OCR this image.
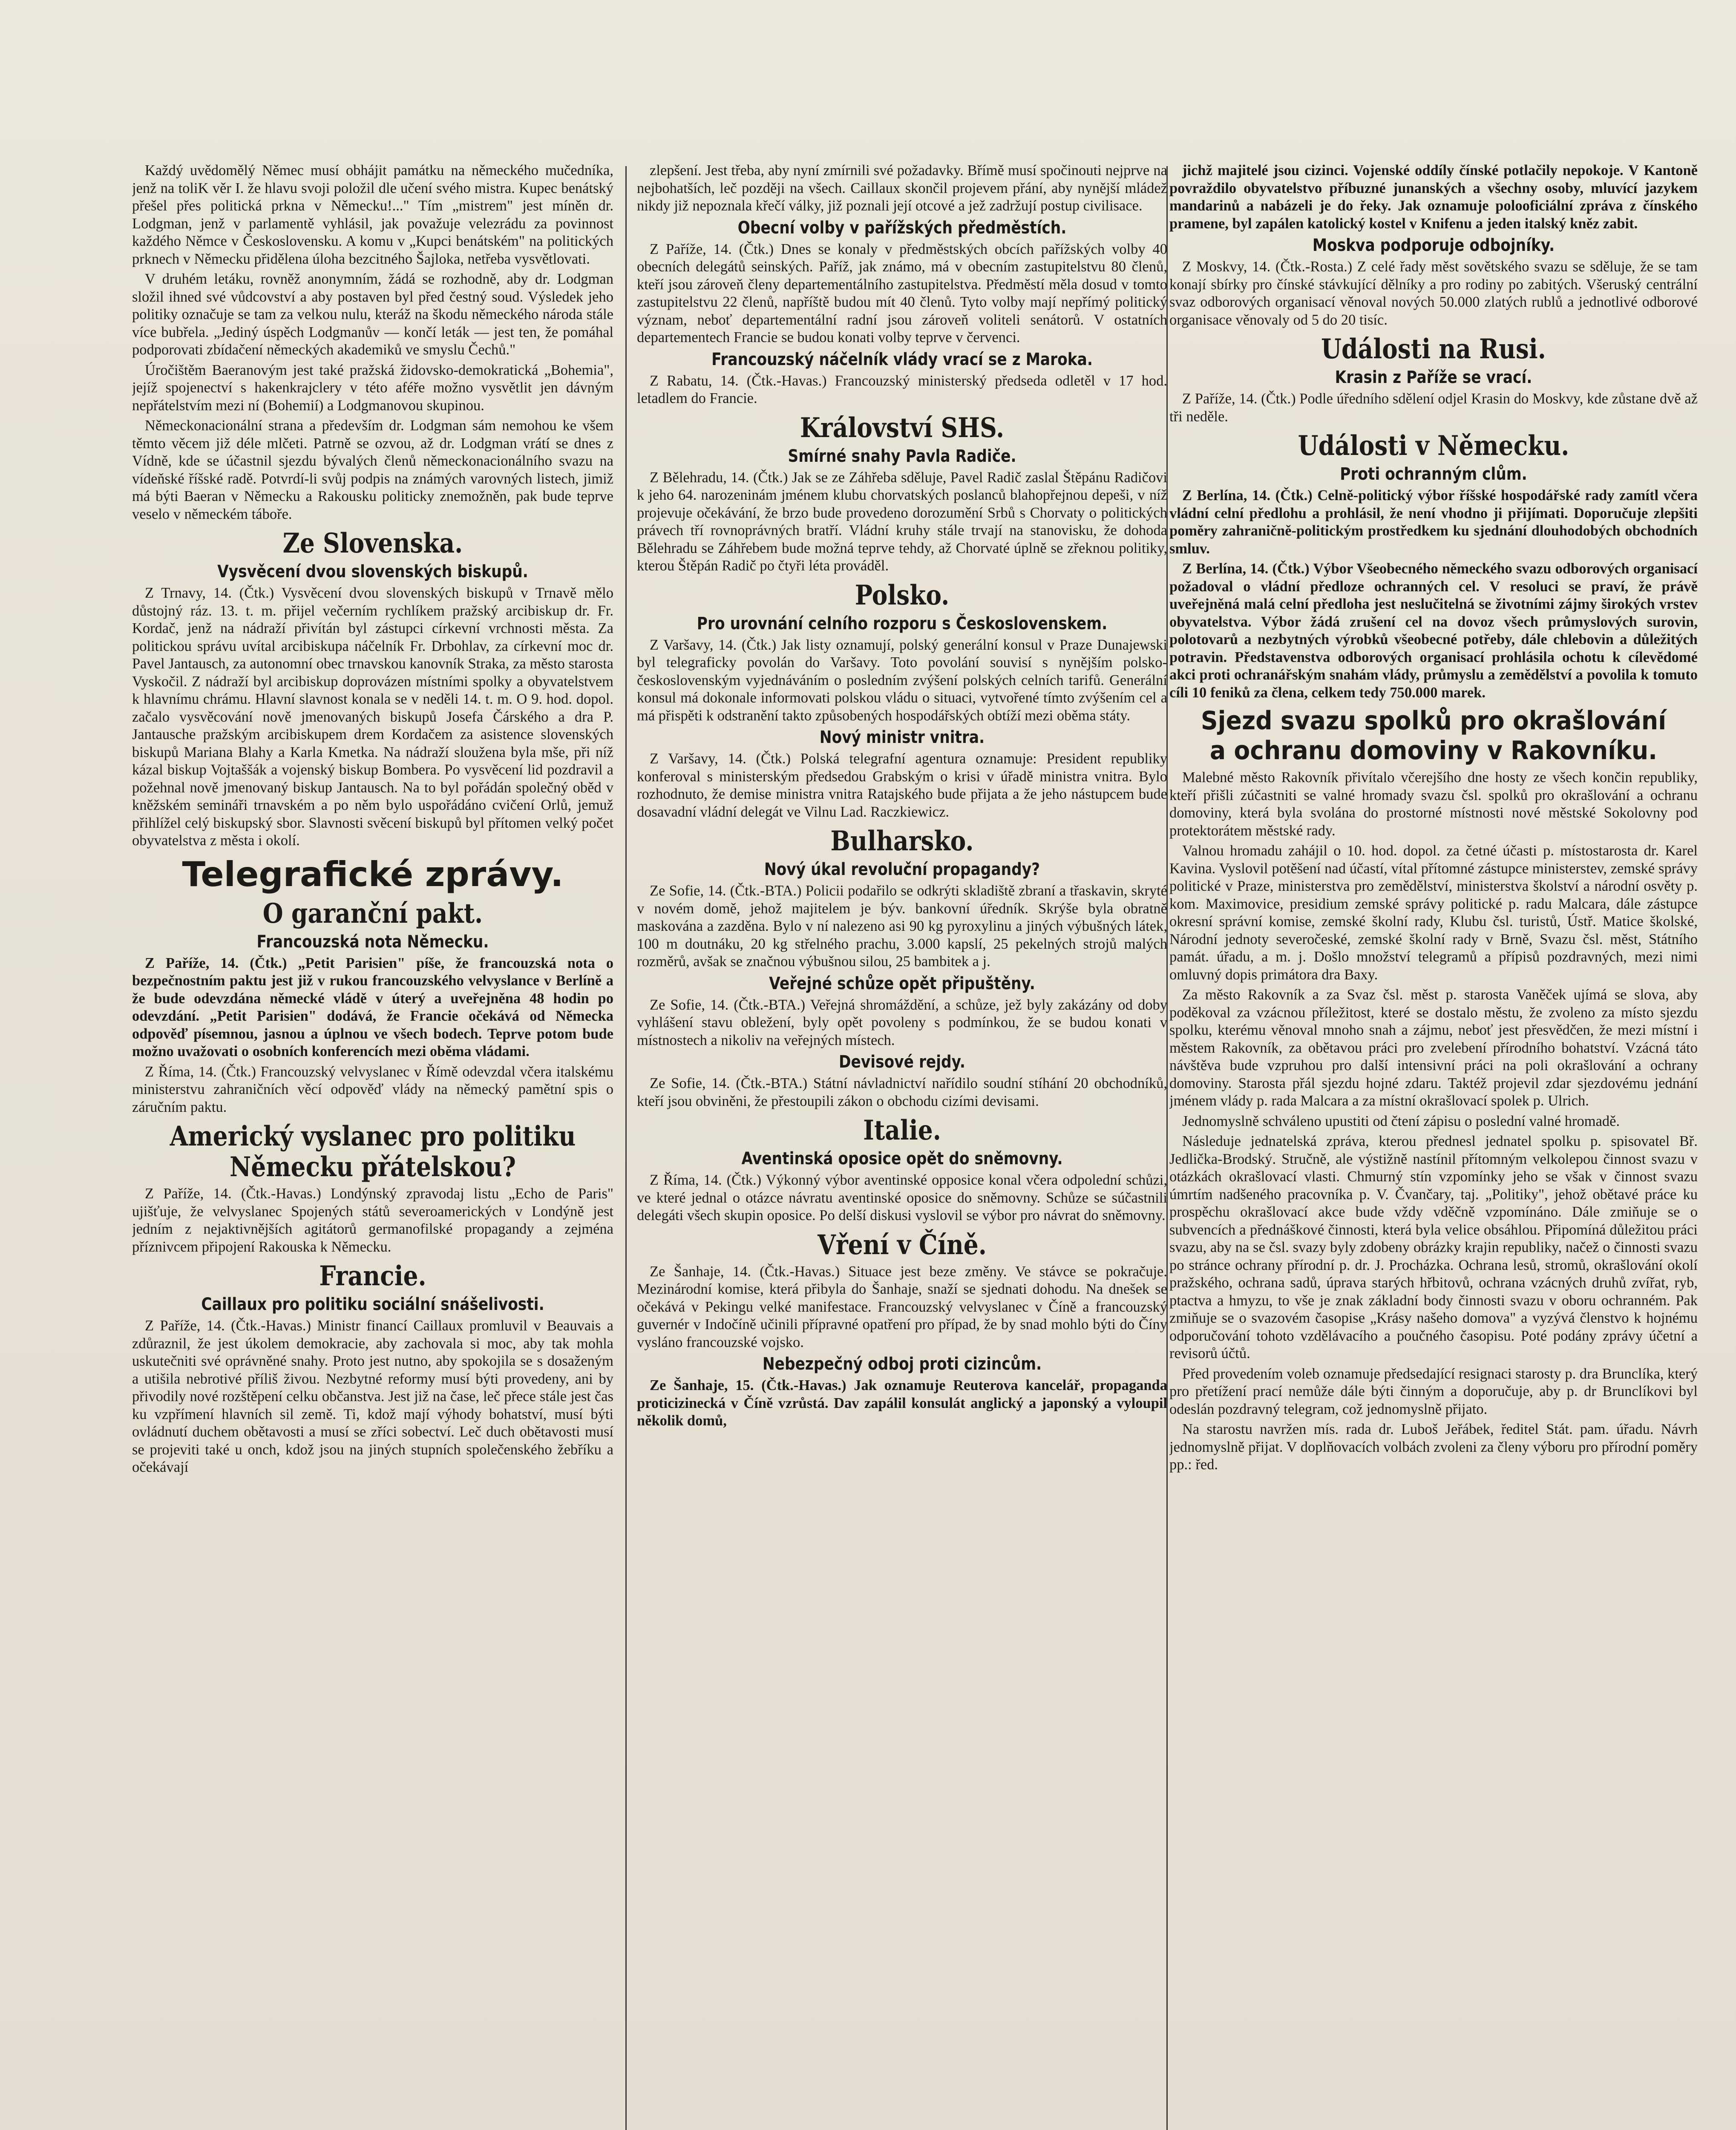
Každý uvědomělý Němec musí obhájit památku na německého mučedníka, jenž na toliK věr I. že hlavu svoji položil dle učení svého mistra. Kupec benátský přešel přes politická prkna v Německu!..." Tím „mistrem" jest míněn dr. Lodgman, jenž v parlamentě vyhlásil, jak považuje velezrádu za povinnost každého Němce v Československu. A komu v „Kupci benátském" na politických prknech v Německu přidělena úloha bezcitného Šajloka, netřeba vysvětlovati.

V druhém letáku, rovněž anonymním, žádá se rozhodně, aby dr. Lodgman složil ihned své vůdcovství a aby postaven byl před čestný soud. Výsledek jeho politiky označuje se tam za velkou nulu, kteráž na škodu německého národa stále více bubřela. „Jediný úspěch Lodgmanův — končí leták — jest ten, že pomáhal podporovati zbídačení německých akademiků ve smyslu Čechů."

Úročištěm Baeranovým jest také pražská židovsko-demokratická „Bohemia", jejíž spojenectví s hakenkrajclery v této aféře možno vysvětlit jen dávným nepřátelstvím mezi ní (Bohemií) a Lodgmanovou skupinou.

Německonacionální strana a především dr. Lodgman sám nemohou ke všem těmto věcem již déle mlčeti. Patrně se ozvou, až dr. Lodgman vrátí se dnes z Vídně, kde se účastnil sjezdu bývalých členů německonacionálního svazu na vídeňské říšské radě. Potvrdí-li svůj podpis na známých varovných listech, jimiž má býti Baeran v Německu a Rakousku politicky znemožněn, pak bude teprve veselo v německém táboře.

Ze Slovenska.
Vysvěcení dvou slovenských biskupů.

Z Trnavy, 14. (Čtk.) Vysvěcení dvou slovenských biskupů v Trnavě mělo důstojný ráz. 13. t. m. přijel večerním rychlíkem pražský arcibiskup dr. Fr. Kordač, jenž na nádraží přivítán byl zástupci církevní vrchnosti města. Za politickou správu uvítal arcibiskupa náčelník Fr. Drbohlav, za církevní moc dr. Pavel Jantausch, za autonomní obec trnavskou kanovník Straka, za město starosta Vyskočil. Z nádraží byl arcibiskup doprovázen místními spolky a obyvatelstvem k hlavnímu chrámu. Hlavní slavnost konala se v neděli 14. t. m. O 9. hod. dopol. začalo vysvěcování nově jmenovaných biskupů Josefa Čárského a dra P. Jantausche pražským arcibiskupem drem Kordačem za asistence slovenských biskupů Mariana Blahy a Karla Kmetka. Na nádraží sloužena byla mše, při níž kázal biskup Vojtaššák a vojenský biskup Bombera. Po vysvěcení lid pozdravil a požehnal nově jmenovaný biskup Jantausch. Na to byl pořádán společný oběd v kněžském semináři trnavském a po něm bylo uspořádáno cvičení Orlů, jemuž přihlížel celý biskupský sbor. Slavnosti svěcení biskupů byl přítomen velký počet obyvatelstva z města i okolí.

Telegrafické zprávy.
O garanční pakt.
Francouzská nota Německu.

Z Paříže, 14. (Čtk.) „Petit Parisien" píše, že francouzská nota o bezpečnostním paktu jest již v rukou francouzského velvyslance v Berlíně a že bude odevzdána německé vládě v úterý a uveřejněna 48 hodin po odevzdání. „Petit Parisien" dodává, že Francie očekává od Německa odpověď písemnou, jasnou a úplnou ve všech bodech. Teprve potom bude možno uvažovati o osobních konferencích mezi oběma vládami.

Z Říma, 14. (Čtk.) Francouzský velvyslanec v Římě odevzdal včera italskému ministerstvu zahraničních věcí odpověď vlády na německý pamětní spis o záručním paktu.

Americký vyslanec pro politiku Německu přátelskou?

Z Paříže, 14. (Čtk.-Havas.) Londýnský zpravodaj listu „Echo de Paris" ujišťuje, že velvyslanec Spojených států severoamerických v Londýně jest jedním z nejaktivnějších agitátorů germanofilské propagandy a zejména příznivcem připojení Rakouska k Německu.

Francie.
Caillaux pro politiku sociální snášelivosti.

Z Paříže, 14. (Čtk.-Havas.) Ministr financí Caillaux promluvil v Beauvais a zdůraznil, že jest úkolem demokracie, aby zachovala si moc, aby tak mohla uskutečniti své oprávněné snahy. Proto jest nutno, aby spokojila se s dosaženým a utišila nebrotivé příliš živou. Nezbytné reformy musí býti provedeny, ani by přivodily nové rozštěpení celku občanstva. Jest již na čase, leč přece stále jest čas ku vzpřímení hlavních sil země. Ti, kdož mají výhody bohatství, musí býti ovládnutí duchem obětavosti a musí se zříci sobectví. Leč duch obětavosti musí se projeviti také u onch, kdož jsou na jiných stupních společenského žebříku a očekávají

zlepšení. Jest třeba, aby nyní zmírnili své požadavky. Břímě musí spočinouti nejprve na nejbohatších, leč později na všech. Caillaux skončil projevem přání, aby nynější mládež nikdy již nepoznala křečí války, již poznali její otcové a jež zadržují postup civilisace.

Obecní volby v pařížských předměstích.

Z Paříže, 14. (Čtk.) Dnes se konaly v předměstských obcích pařížských volby 40 obecních delegátů seinských. Paříž, jak známo, má v obecním zastupitelstvu 80 členů, kteří jsou zároveň členy departementálního zastupitelstva. Předměstí měla dosud v tomto zastupitelstvu 22 členů, napříště budou mít 40 členů. Tyto volby mají nepřímý politický význam, neboť departementální radní jsou zároveň voliteli senátorů. V ostatních departementech Francie se budou konati volby teprve v červenci.

Francouzský náčelník vlády vrací se z Maroka.

Z Rabatu, 14. (Čtk.-Havas.) Francouzský ministerský předseda odletěl v 17 hod. letadlem do Francie.

Království SHS.
Smírné snahy Pavla Radiče.

Z Bělehradu, 14. (Čtk.) Jak se ze Záhřeba sděluje, Pavel Radič zaslal Štěpánu Radičovi k jeho 64. narozeninám jménem klubu chorvatských poslanců blahopřejnou depeši, v níž projevuje očekávání, že brzo bude provedeno dorozumění Srbů s Chorvaty o politických právech tří rovnoprávných bratří. Vládní kruhy stále trvají na stanovisku, že dohoda Bělehradu se Záhřebem bude možná teprve tehdy, až Chorvaté úplně se zřeknou politiky, kterou Štěpán Radič po čtyři léta prováděl.

Polsko.
Pro urovnání celního rozporu s Československem.

Z Varšavy, 14. (Čtk.) Jak listy oznamují, polský generální konsul v Praze Dunajewski byl telegraficky povolán do Varšavy. Toto povolání souvisí s nynějším polsko-československým vyjednáváním o posledním zvýšení polských celních tarifů. Generální konsul má dokonale informovati polskou vládu o situaci, vytvořené tímto zvýšením cel a má přispěti k odstranění takto způsobených hospodářských obtíží mezi oběma státy.

Nový ministr vnitra.

Z Varšavy, 14. (Čtk.) Polská telegrafní agentura oznamuje: President republiky konferoval s ministerským předsedou Grabským o krisi v úřadě ministra vnitra. Bylo rozhodnuto, že demise ministra vnitra Ratajského bude přijata a že jeho nástupcem bude dosavadní vládní delegát ve Vilnu Lad. Raczkiewicz.

Bulharsko.
Nový úkal revoluční propagandy?

Ze Sofie, 14. (Čtk.-BTA.) Policii podařilo se odkrýti skladiště zbraní a třaskavin, skryté v novém domě, jehož majitelem je býv. bankovní úředník. Skrýše byla obratně maskována a zazděna. Bylo v ní nalezeno asi 90 kg pyroxylinu a jiných výbušných látek, 100 m doutnáku, 20 kg střelného prachu, 3.000 kapslí, 25 pekelných strojů malých rozměrů, avšak se značnou výbušnou silou, 25 bambitek a j.

Veřejné schůze opět připuštěny.

Ze Sofie, 14. (Čtk.-BTA.) Veřejná shromáždění, a schůze, jež byly zakázány od doby vyhlášení stavu obležení, byly opět povoleny s podmínkou, že se budou konati v místnostech a nikoliv na veřejných místech.

Devisové rejdy.

Ze Sofie, 14. (Čtk.-BTA.) Státní návladnictví nařídilo soudní stíhání 20 obchodníků, kteří jsou obviněni, že přestoupili zákon o obchodu cizími devisami.

Italie.
Aventinská oposice opět do sněmovny.

Z Říma, 14. (Čtk.) Výkonný výbor aventinské opposice konal včera odpolední schůzi, ve které jednal o otázce návratu aventinské oposice do sněmovny. Schůze se súčastnili delegáti všech skupin oposice. Po delší diskusi vyslovil se výbor pro návrat do sněmovny.

Vření v Číně.

Ze Šanhaje, 14. (Čtk.-Havas.) Situace jest beze změny. Ve stávce se pokračuje. Mezinárodní komise, která přibyla do Šanhaje, snaží se sjednati dohodu. Na dnešek se očekává v Pekingu velké manifestace. Francouzský velvyslanec v Číně a francouzský guvernér v Indočíně učinili přípravné opatření pro případ, že by snad mohlo býti do Číny vysláno francouzské vojsko.

Nebezpečný odboj proti cizincům.

Ze Šanhaje, 15. (Čtk.-Havas.) Jak oznamuje Reuterova kancelář, propaganda proticizinecká v Číně vzrůstá. Dav zapálil konsulát anglický a japonský a vyloupil několik domů,

jichž majitelé jsou cizinci. Vojenské oddíly čínské potlačily nepokoje. V Kantoně povraždilo obyvatelstvo příbuzné junanských a všechny osoby, mluvící jazykem mandarinů a nabázeli je do řeky. Jak oznamuje polooficiální zpráva z čínského pramene, byl zapálen katolický kostel v Knifenu a jeden italský kněz zabit.

Moskva podporuje odbojníky.

Z Moskvy, 14. (Čtk.-Rosta.) Z celé řady měst sovětského svazu se sděluje, že se tam konají sbírky pro čínské stávkující dělníky a pro rodiny po zabitých. Všeruský centrální svaz odborových organisací věnoval nových 50.000 zlatých rublů a jednotlivé odborové organisace věnovaly od 5 do 20 tisíc.

Události na Rusi.
Krasin z Paříže se vrací.

Z Paříže, 14. (Čtk.) Podle úředního sdělení odjel Krasin do Moskvy, kde zůstane dvě až tři neděle.

Události v Německu.
Proti ochranným clům.

Z Berlína, 14. (Čtk.) Celně-politický výbor říšské hospodářské rady zamítl včera vládní celní předlohu a prohlásil, že není vhodno ji přijímati. Doporučuje zlepšiti poměry zahraničně-politickým prostředkem ku sjednání dlouhodobých obchodních smluv.

Z Berlína, 14. (Čtk.) Výbor Všeobecného německého svazu odborových organisací požadoval o vládní předloze ochranných cel. V resoluci se praví, že právě uveřejněná malá celní předloha jest neslučitelná se životními zájmy širokých vrstev obyvatelstva. Výbor žádá zrušení cel na dovoz všech průmyslových surovin, polotovarů a nezbytných výrobků všeobecné potřeby, dále chlebovin a důležitých potravin. Představenstva odborových organisací prohlásila ochotu k cílevědomé akci proti ochranářským snahám vlády, průmyslu a zemědělství a povolila k tomuto cíli 10 feniků za člena, celkem tedy 750.000 marek.

Sjezd svazu spolků pro okrašlování a ochranu domoviny v Rakovníku.

Malebné město Rakovník přivítalo včerejšího dne hosty ze všech končin republiky, kteří přišli zúčastniti se valné hromady svazu čsl. spolků pro okrašlování a ochranu domoviny, která byla svolána do prostorné místnosti nové městské Sokolovny pod protektorátem městské rady.

Valnou hromadu zahájil o 10. hod. dopol. za četné účasti p. místostarosta dr. Karel Kavina. Vyslovil potěšení nad účastí, vítal přítomné zástupce ministerstev, zemské správy politické v Praze, ministerstva pro zemědělství, ministerstva školství a národní osvěty p. kom. Maximovice, presidium zemské správy politické p. radu Malcara, dále zástupce okresní správní komise, zemské školní rady, Klubu čsl. turistů, Ústř. Matice školské, Národní jednoty severočeské, zemské školní rady v Brně, Svazu čsl. měst, Státního památ. úřadu, a m. j. Došlo množství telegramů a přípisů pozdravných, mezi nimi omluvný dopis primátora dra Baxy.

Za město Rakovník a za Svaz čsl. měst p. starosta Vaněček ujímá se slova, aby poděkoval za vzácnou příležitost, které se dostalo městu, že zvoleno za místo sjezdu spolku, kterému věnoval mnoho snah a zájmu, neboť jest přesvědčen, že mezi místní i městem Rakovník, za obětavou práci pro zvelebení přírodního bohatství. Vzácná táto návštěva bude vzpruhou pro další intensivní práci na poli okrašlování a ochrany domoviny. Starosta přál sjezdu hojné zdaru. Taktéž projevil zdar sjezdovému jednání jménem vlády p. rada Malcara a za místní okrašlovací spolek p. Ulrich.

Jednomyslně schváleno upustiti od čtení zápisu o poslední valné hromadě.

Následuje jednatelská zpráva, kterou přednesl jednatel spolku p. spisovatel Bř. Jedlička-Brodský. Stručně, ale výstižně nastínil přítomným velkolepou činnost svazu v otázkách okrašlovací vlasti. Chmurný stín vzpomínky jeho se však v činnost svazu úmrtím nadšeného pracovníka p. V. Čvančary, taj. „Politiky", jehož obětavé práce ku prospěchu okrašlovací akce bude vždy vděčně vzpomínáno. Dále zmiňuje se o subvencích a přednáškové činnosti, která byla velice obsáhlou. Připomíná důležitou práci svazu, aby na se čsl. svazy byly zdobeny obrázky krajin republiky, načež o činnosti svazu po stránce ochrany přírodní p. dr. J. Procházka. Ochrana lesů, stromů, okrašlování okolí pražského, ochrana sadů, úprava starých hřbitovů, ochrana vzácných druhů zvířat, ryb, ptactva a hmyzu, to vše je znak základní body činnosti svazu v oboru ochranném. Pak zmiňuje se o svazovém časopise „Krásy našeho domova" a vyzývá členstvo k hojnému odporučování tohoto vzdělávacího a poučného časopisu. Poté podány zprávy účetní a revisorů účtů.

Před provedením voleb oznamuje předsedající resignaci starosty p. dra Brunclíka, který pro přetížení prací nemůže dále býti činným a doporučuje, aby p. dr Brunclíkovi byl odeslán pozdravný telegram, což jednomyslně přijato.

Na starostu navržen mís. rada dr. Luboš Jeřábek, ředitel Stát. pam. úřadu. Návrh jednomyslně přijat. V doplňovacích volbách zvoleni za členy výboru pro přírodní poměry pp.: řed.
